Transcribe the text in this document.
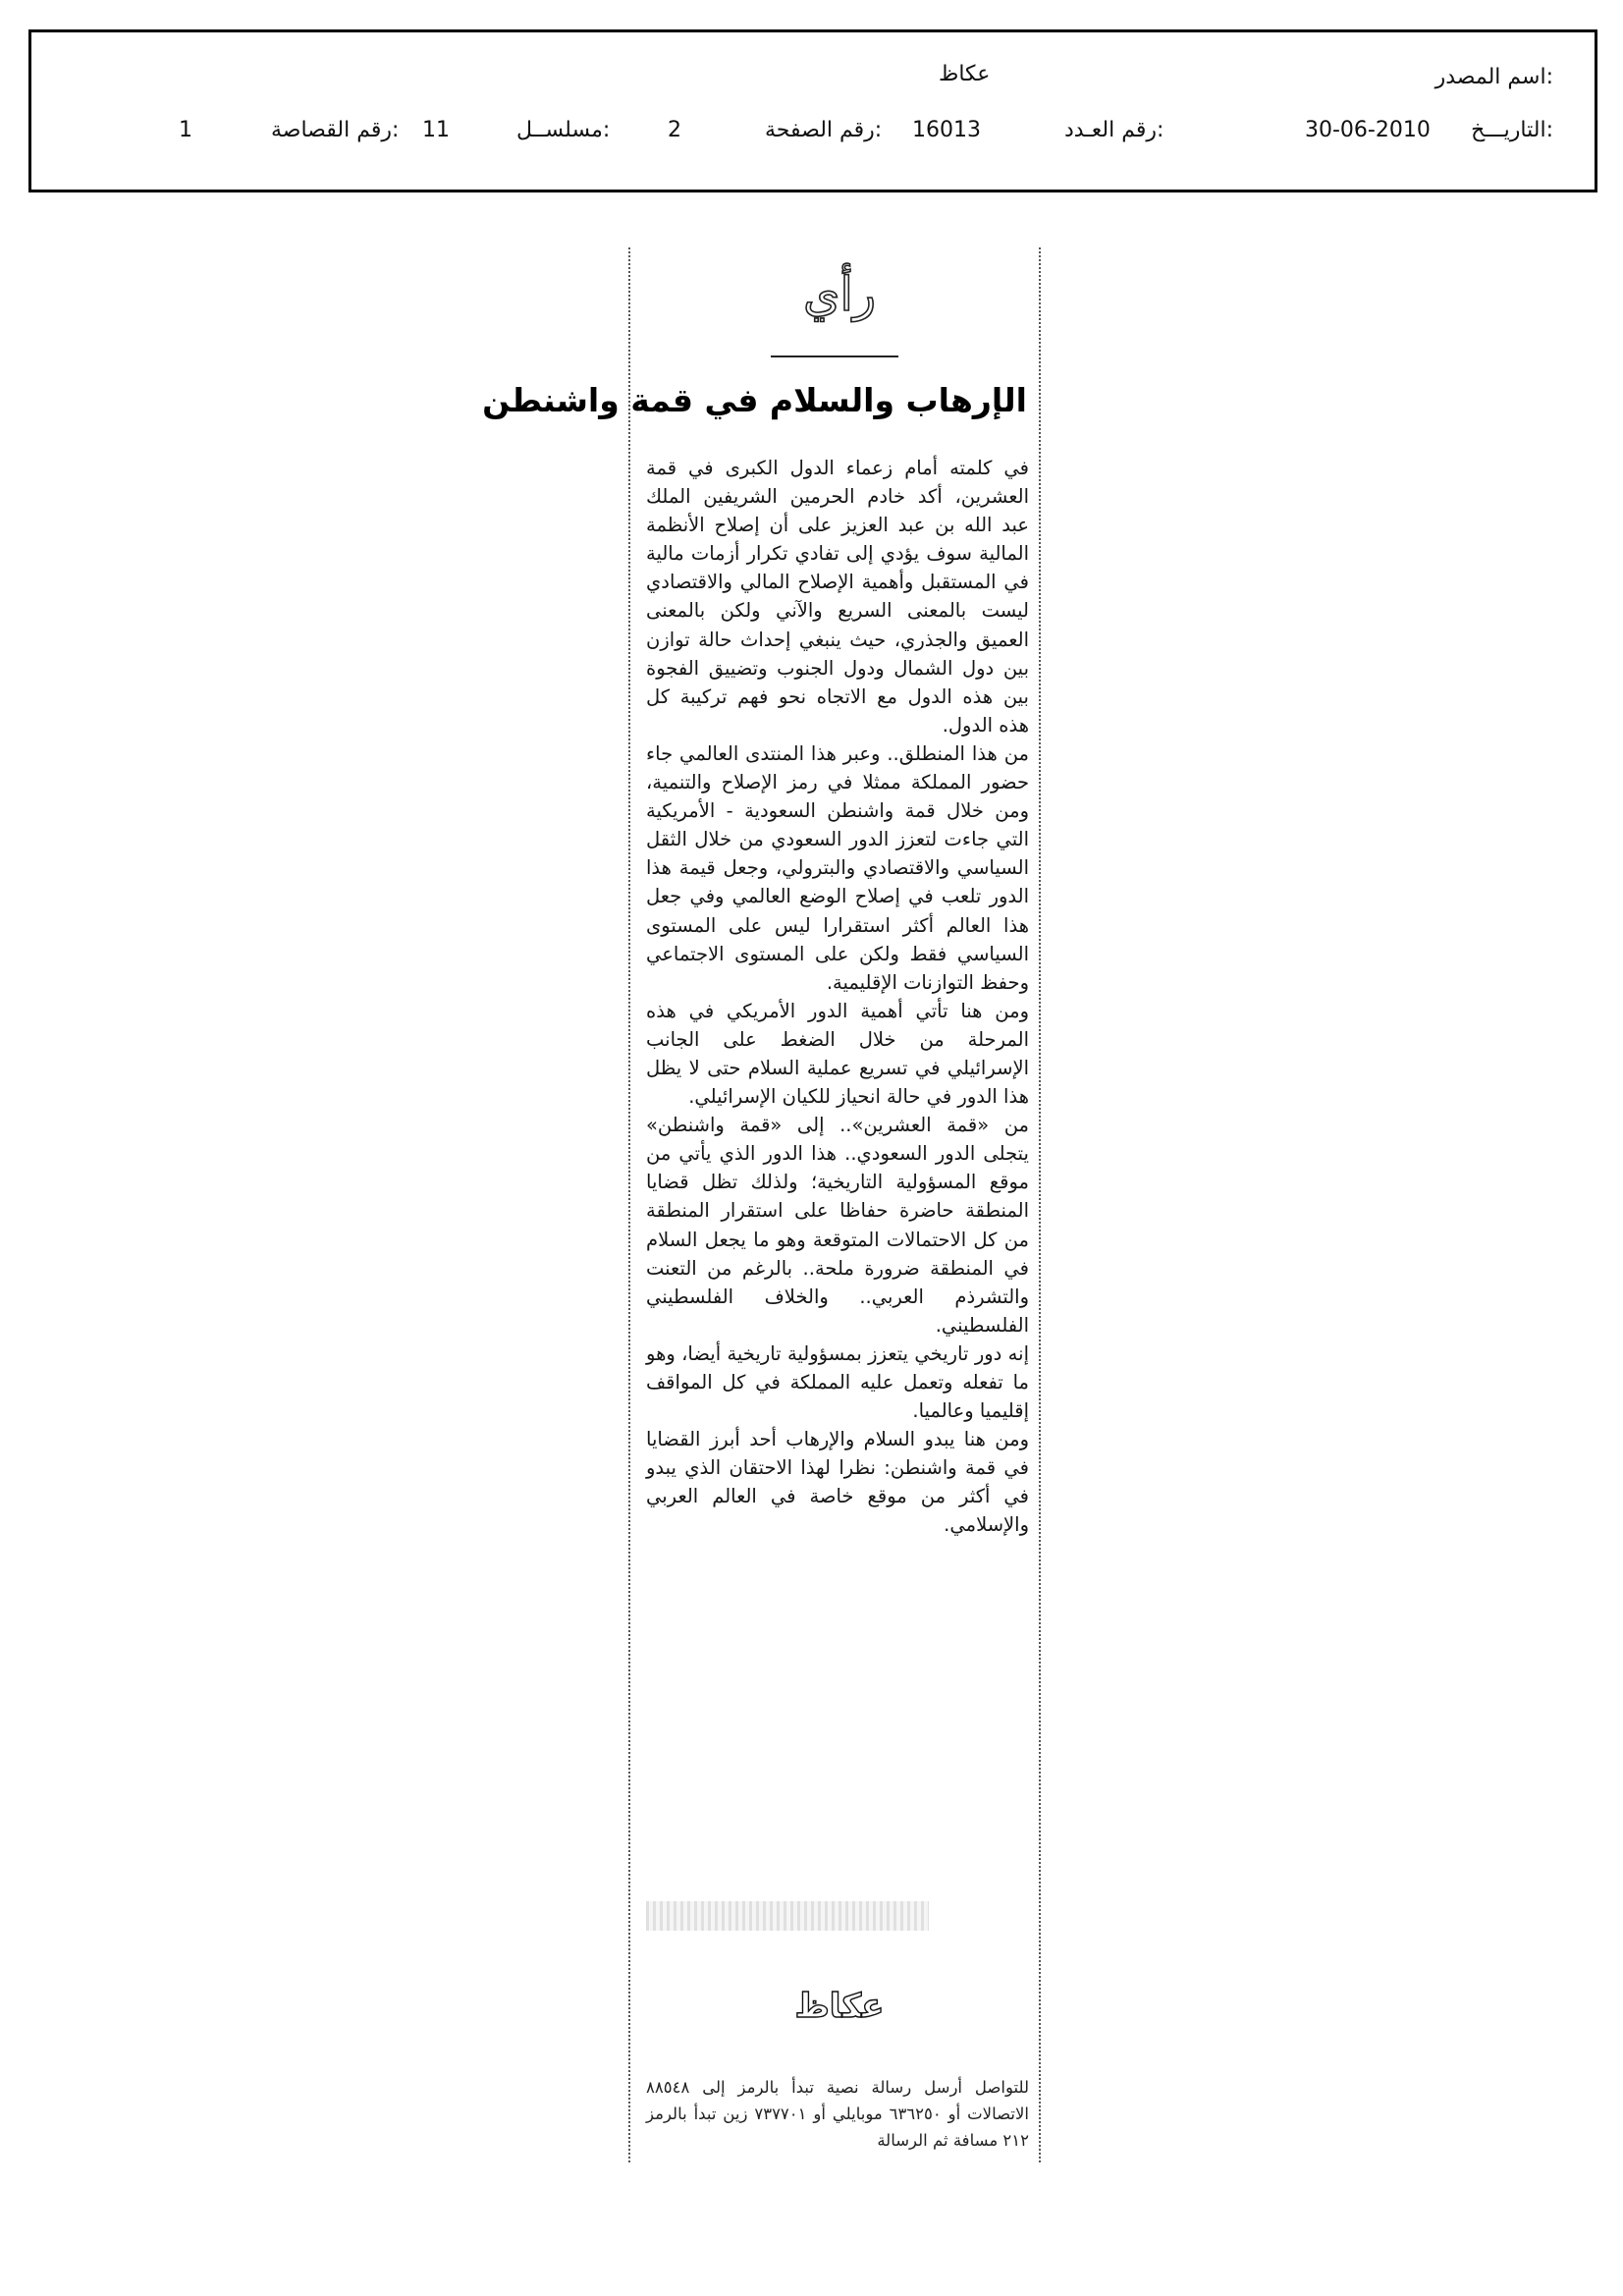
اسم المصدر:
عكاظ
التاريـــخ:
30-06-2010
رقم العـدد:
16013
رقم الصفحة:
2
مسلســل:
11
رقم القصاصة:
1
رأي
الإرهاب والسلام في قمة واشنطن

في كلمته أمام زعماء الدول الكبرى في قمة العشرين، أكد خادم الحرمين الشريفين الملك عبد الله بن عبد العزيز على أن إصلاح الأنظمة المالية سوف يؤدي إلى تفادي تكرار أزمات مالية في المستقبل وأهمية الإصلاح المالي والاقتصادي ليست بالمعنى السريع والآني ولكن بالمعنى العميق والجذري، حيث ينبغي إحداث حالة توازن بين دول الشمال ودول الجنوب وتضييق الفجوة بين هذه الدول مع الاتجاه نحو فهم تركيبة كل هذه الدول.

من هذا المنطلق.. وعبر هذا المنتدى العالمي جاء حضور المملكة ممثلا في رمز الإصلاح والتنمية، ومن خلال قمة واشنطن السعودية - الأمريكية التي جاءت لتعزز الدور السعودي من خلال الثقل السياسي والاقتصادي والبترولي، وجعل قيمة هذا الدور تلعب في إصلاح الوضع العالمي وفي جعل هذا العالم أكثر استقرارا ليس على المستوى السياسي فقط ولكن على المستوى الاجتماعي وحفظ التوازنات الإقليمية.

ومن هنا تأتي أهمية الدور الأمريكي في هذه المرحلة من خلال الضغط على الجانب الإسرائيلي في تسريع عملية السلام حتى لا يظل هذا الدور في حالة انحياز للكيان الإسرائيلي.

من «قمة العشرين».. إلى «قمة واشنطن» يتجلى الدور السعودي.. هذا الدور الذي يأتي من موقع المسؤولية التاريخية؛ ولذلك تظل قضايا المنطقة حاضرة حفاظا على استقرار المنطقة من كل الاحتمالات المتوقعة وهو ما يجعل السلام في المنطقة ضرورة ملحة.. بالرغم من التعنت والتشرذم العربي.. والخلاف الفلسطيني الفلسطيني.

إنه دور تاريخي يتعزز بمسؤولية تاريخية أيضا، وهو ما تفعله وتعمل عليه المملكة في كل المواقف إقليميا وعالميا.

ومن هنا يبدو السلام والإرهاب أحد أبرز القضايا في قمة واشنطن: نظرا لهذا الاحتقان الذي يبدو في أكثر من موقع خاصة في العالم العربي والإسلامي.

عكاظ

للتواصل أرسل رسالة نصية تبدأ بالرمز إلى ٨٨٥٤٨ الاتصالات أو ٦٣٦٢٥٠ موبايلي أو ٧٣٧٧٠١ زين تبدأ بالرمز ٢١٢ مسافة ثم الرسالة
